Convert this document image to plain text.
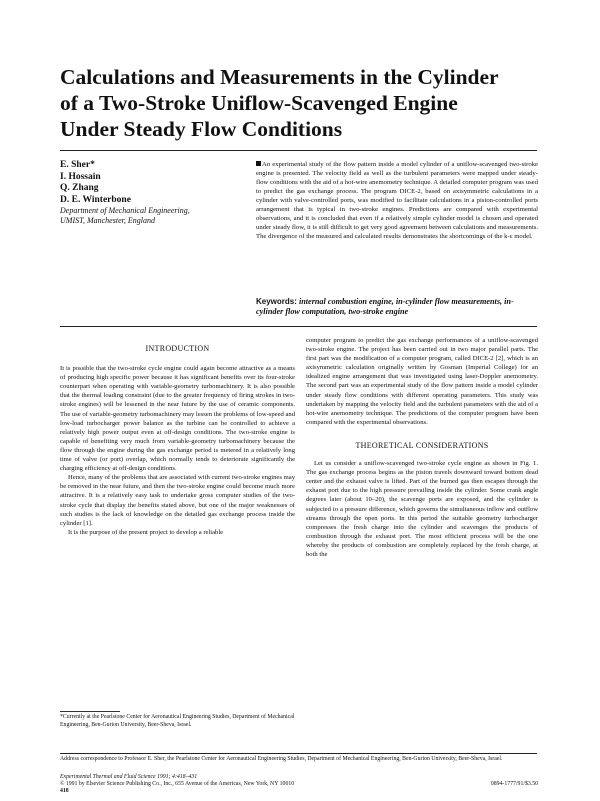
Calculations and Measurements in the Cylinder
of a Two-Stroke Uniflow-Scavenged Engine
Under Steady Flow Conditions
E. Sher*
I. Hossain
Q. Zhang
D. E. Winterbone
Department of Mechanical Engineering,
UMIST, Manchester, England
An experimental study of the flow pattern inside a model cylinder of a uniflow-scavenged two-stroke engine is presented. The velocity field as well as the turbulent parameters were mapped under steady-flow conditions with the aid of a hot-wire anemometry technique. A detailed computer program was used to predict the gas exchange process. The program DICE-2, based on axisymmetric calculations in a cylinder with valve-controlled ports, was modified to facilitate calculations in a piston-controlled ports arrangement that is typical in two-stroke engines. Predictions are compared with experimental observations, and it is concluded that even if a relatively simple cylinder model is chosen and operated under steady flow, it is still difficult to get very good agreement between calculations and measurements. The divergence of the measured and calculated results demonstrates the shortcomings of the k-ε model.
Keywords: internal combustion engine, in-cylinder flow measurements, in-cylinder flow computation, two-stroke engine
INTRODUCTION

It is possible that the two-stroke cycle engine could again become attractive as a means of producing high specific power because it has significant benefits over its four-stroke counterpart when operating with variable-geometry turbomachinery. It is also possible that the thermal loading constraint (due to the greater frequency of firing strokes in two-stroke engines) will be lessened in the near future by the use of ceramic components. The use of variable-geometry turbomachinery may lessen the problems of low-speed and low-load turbocharger power balance as the turbine can be controlled to achieve a relatively high power output even at off-design conditions. The two-stroke engine is capable of benefiting very much from variable-geometry turbomachinery because the flow through the engine during the gas exchange period is metered in a relatively long time of valve (or port) overlap, which normally tends to deteriorate significantly the charging efficiency at off-design conditions.

Hence, many of the problems that are associated with current two-stroke engines may be removed in the near future, and then the two-stroke engine could become much more attractive. It is a relatively easy task to undertake gross computer studies of the two-stroke cycle that display the benefits stated above, but one of the major weaknesses of such studies is the lack of knowledge on the detailed gas exchange process inside the cylinder [1].

It is the purpose of the present project to develop a reliable

*Currently at the Pearlstone Center for Aeronautical Engineering Studies, Department of Mechanical Engineering, Ben-Gurion University, Beer-Sheva, Israel.

computer program to predict the gas exchange performances of a uniflow-scavenged two-stroke engine. The project has been carried out in two major parallel parts. The first part was the modification of a computer program, called DICE-2 [2], which is an axisymmetric calculation originally written by Gosman (Imperial College) for an idealized engine arrangement that was investigated using laser-Doppler anemometry. The second part was an experimental study of the flow pattern inside a model cylinder under steady flow conditions with different operating parameters. This study was undertaken by mapping the velocity field and the turbulent parameters with the aid of a hot-wire anemometry technique. The predictions of the computer program have been compared with the experimental observations.

THEORETICAL CONSIDERATIONS

Let us consider a uniflow-scavenged two-stroke cycle engine as shown in Fig. 1. The gas exchange process begins as the piston travels downward toward bottom dead center and the exhaust valve is lifted. Part of the burned gas then escapes through the exhaust port due to the high pressure prevailing inside the cylinder. Some crank angle degrees later (about 10–20), the scavenge ports are exposed, and the cylinder is subjected to a pressure difference, which governs the simultaneous inflow and outflow streams through the open ports. In this period the suitable geometry turbocharger compresses the fresh charge into the cylinder and scavenges the products of combustion through the exhaust port. The most efficient process will be the one whereby the products of combustion are completely replaced by the fresh charge, at both the

Address correspondence to Professor E. Sher, the Pearlstone Center for Aeronautical Engineering Studies, Department of Mechanical Engineering, Ben-Gurion University, Beer-Sheva, Israel.
Experimental Thermal and Fluid Science 1991; 4:418–431
© 1991 by Elsevier Science Publishing Co., Inc., 655 Avenue of the Americas, New York, NY 10010	0894-1777/91/$3.50
418
